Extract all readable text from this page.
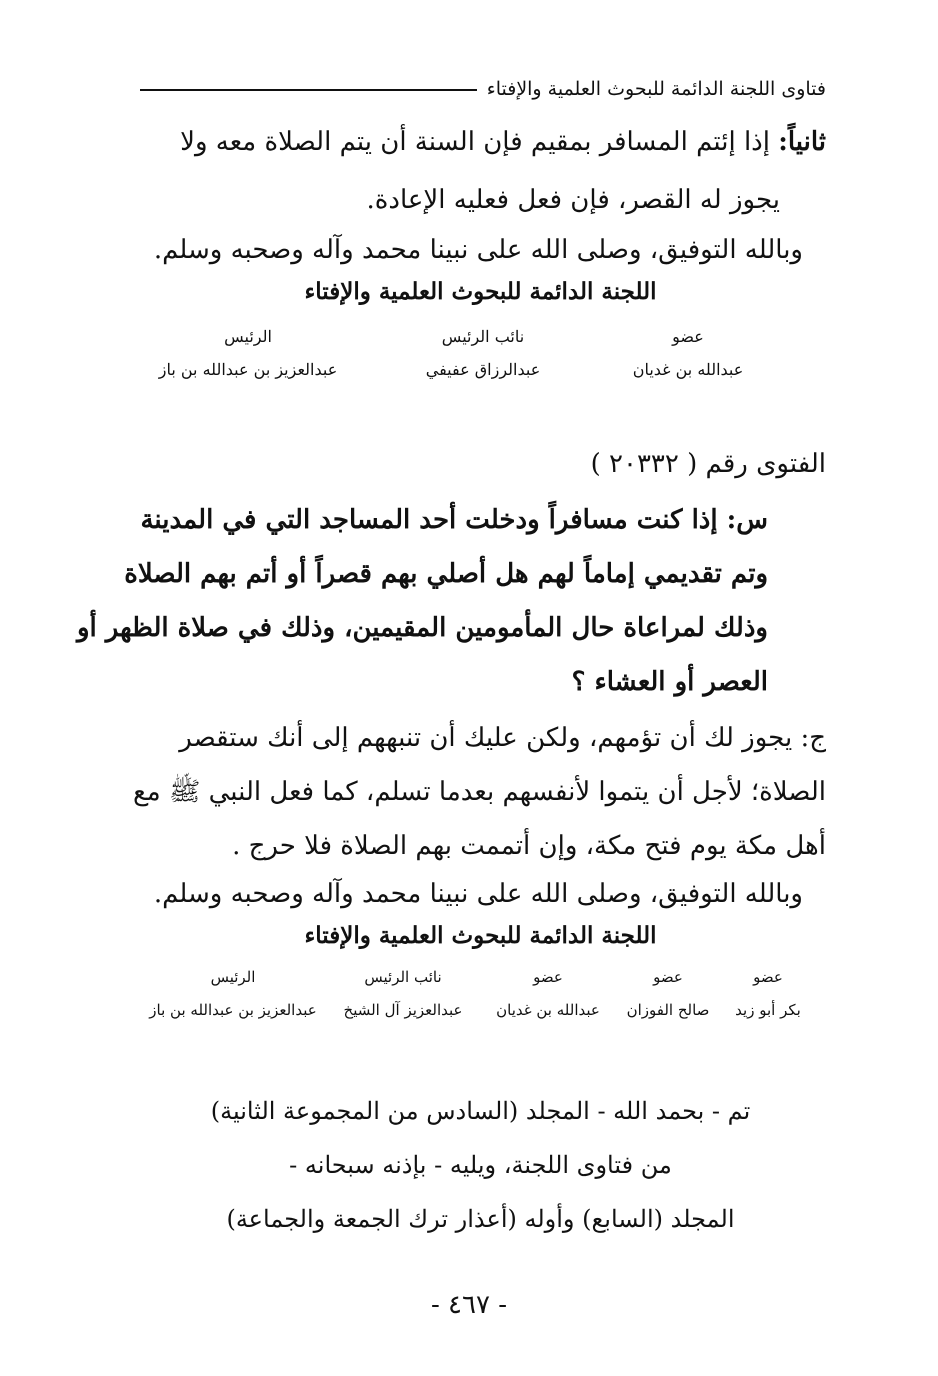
فتاوى اللجنة الدائمة للبحوث العلمية والإفتاء
ثانياً: إذا إئتم المسافر بمقيم فإن السنة أن يتم الصلاة معه ولا
يجوز له القصر، فإن فعل فعليه الإعادة.
وبالله التوفيق، وصلى الله على نبينا محمد وآله وصحبه وسلم.
اللجنة الدائمة للبحوث العلمية والإفتاء
عضو
عبدالله بن غديان
نائب الرئيس
عبدالرزاق عفيفي
الرئيس
عبدالعزيز بن عبدالله بن باز
الفتوى رقم ( ٢٠٣٣٢ )
س: إذا كنت مسافراً ودخلت أحد المساجد التي في المدينة
وتم تقديمي إماماً لهم هل أصلي بهم قصراً أو أتم بهم الصلاة
وذلك لمراعاة حال المأمومين المقيمين، وذلك في صلاة الظهر أو
العصر أو العشاء ؟
ج: يجوز لك أن تؤمهم، ولكن عليك أن تنبههم إلى أنك ستقصر
الصلاة؛ لأجل أن يتموا لأنفسهم بعدما تسلم، كما فعل النبي ﷺ مع
أهل مكة يوم فتح مكة، وإن أتممت بهم الصلاة فلا حرج .
وبالله التوفيق، وصلى الله على نبينا محمد وآله وصحبه وسلم.
اللجنة الدائمة للبحوث العلمية والإفتاء
عضو
بكر أبو زيد
عضو
صالح الفوزان
عضو
عبدالله بن غديان
نائب الرئيس
عبدالعزيز آل الشيخ
الرئيس
عبدالعزيز بن عبدالله بن باز
تم - بحمد الله - المجلد (السادس من المجموعة الثانية)
من فتاوى اللجنة، ويليه - بإذنه سبحانه -
المجلد (السابع) وأوله (أعذار ترك الجمعة والجماعة)
- ٤٦٧ -
